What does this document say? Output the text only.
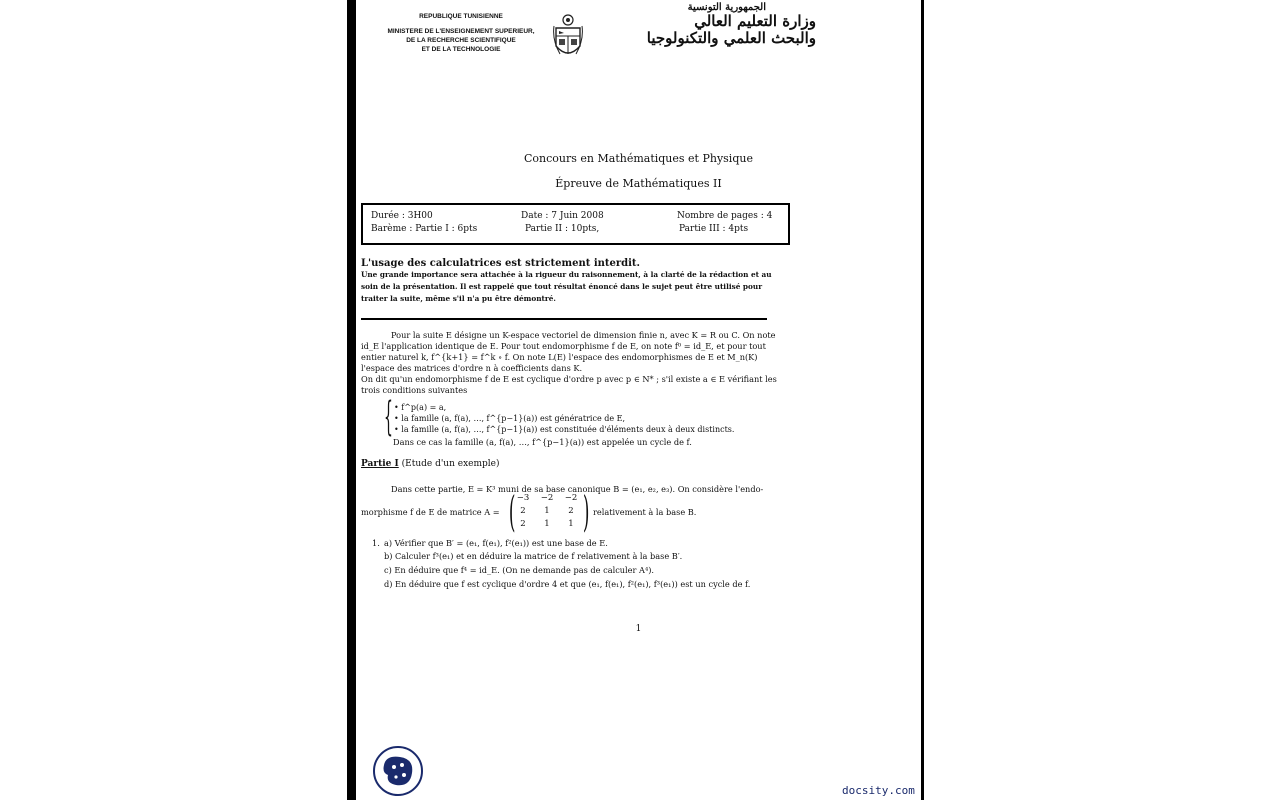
REPUBLIQUE TUNISIENNE
MINISTERE DE L'ENSEIGNEMENT SUPERIEUR,
DE LA RECHERCHE SCIENTIFIQUE
ET DE LA TECHNOLOGIE
الجمهورية التونسية
وزارة التعليم العالي
والبحث العلمي والتكنولوجيا
Concours en Mathématiques et Physique
Épreuve de Mathématiques II
Durée : 3H00	Date : 7 Juin 2008	Nombre de pages : 4
Barème : Partie I : 6pts	Partie II : 10pts,	Partie III : 4pts
L'usage des calculatrices est strictement interdit.
Une grande importance sera attachée à la rigueur du raisonnement, à la clarté de la rédaction et au soin de la présentation. Il est rappelé que tout résultat énoncé dans le sujet peut être utilisé pour traiter la suite, même s'il n'a pu être démontré.
Pour la suite E désigne un K-espace vectoriel de dimension finie n, avec K = R ou C. On note id_E l'application identique de E. Pour tout endomorphisme f de E, on note f⁰ = id_E, et pour tout entier naturel k, f^{k+1} = f^k ∘ f. On note L(E) l'espace des endomorphismes de E et M_n(K) l'espace des matrices d'ordre n à coefficients dans K.
On dit qu'un endomorphisme f de E est cyclique d'ordre p avec p ∈ N* ; s'il existe a ∈ E vérifiant les trois conditions suivantes
{ • f^p(a) = a,
• la famille (a, f(a), …, f^{p−1}(a)) est génératrice de E,
• la famille (a, f(a), …, f^{p−1}(a)) est constituée d'éléments deux à deux distincts.
Dans ce cas la famille (a, f(a), …, f^{p−1}(a)) est appelée un cycle de f.
Partie I (Etude d'un exemple)
Dans cette partie, E = K³ muni de sa base canonique B = (e₁, e₂, e₃). On considère l'endo-
morphisme f de E de matrice A = ( )
−3	−2	−2
2	1	2
2	1	1
relativement à la base B.
1. a) Vérifier que B′ = (e₁, f(e₁), f²(e₁)) est une base de E.
b) Calculer f³(e₁) et en déduire la matrice de f relativement à la base B′.
c) En déduire que f⁴ = id_E. (On ne demande pas de calculer A⁴).
d) En déduire que f est cyclique d'ordre 4 et que (e₁, f(e₁), f²(e₁), f³(e₁)) est un cycle de f.
1
docsity.com
